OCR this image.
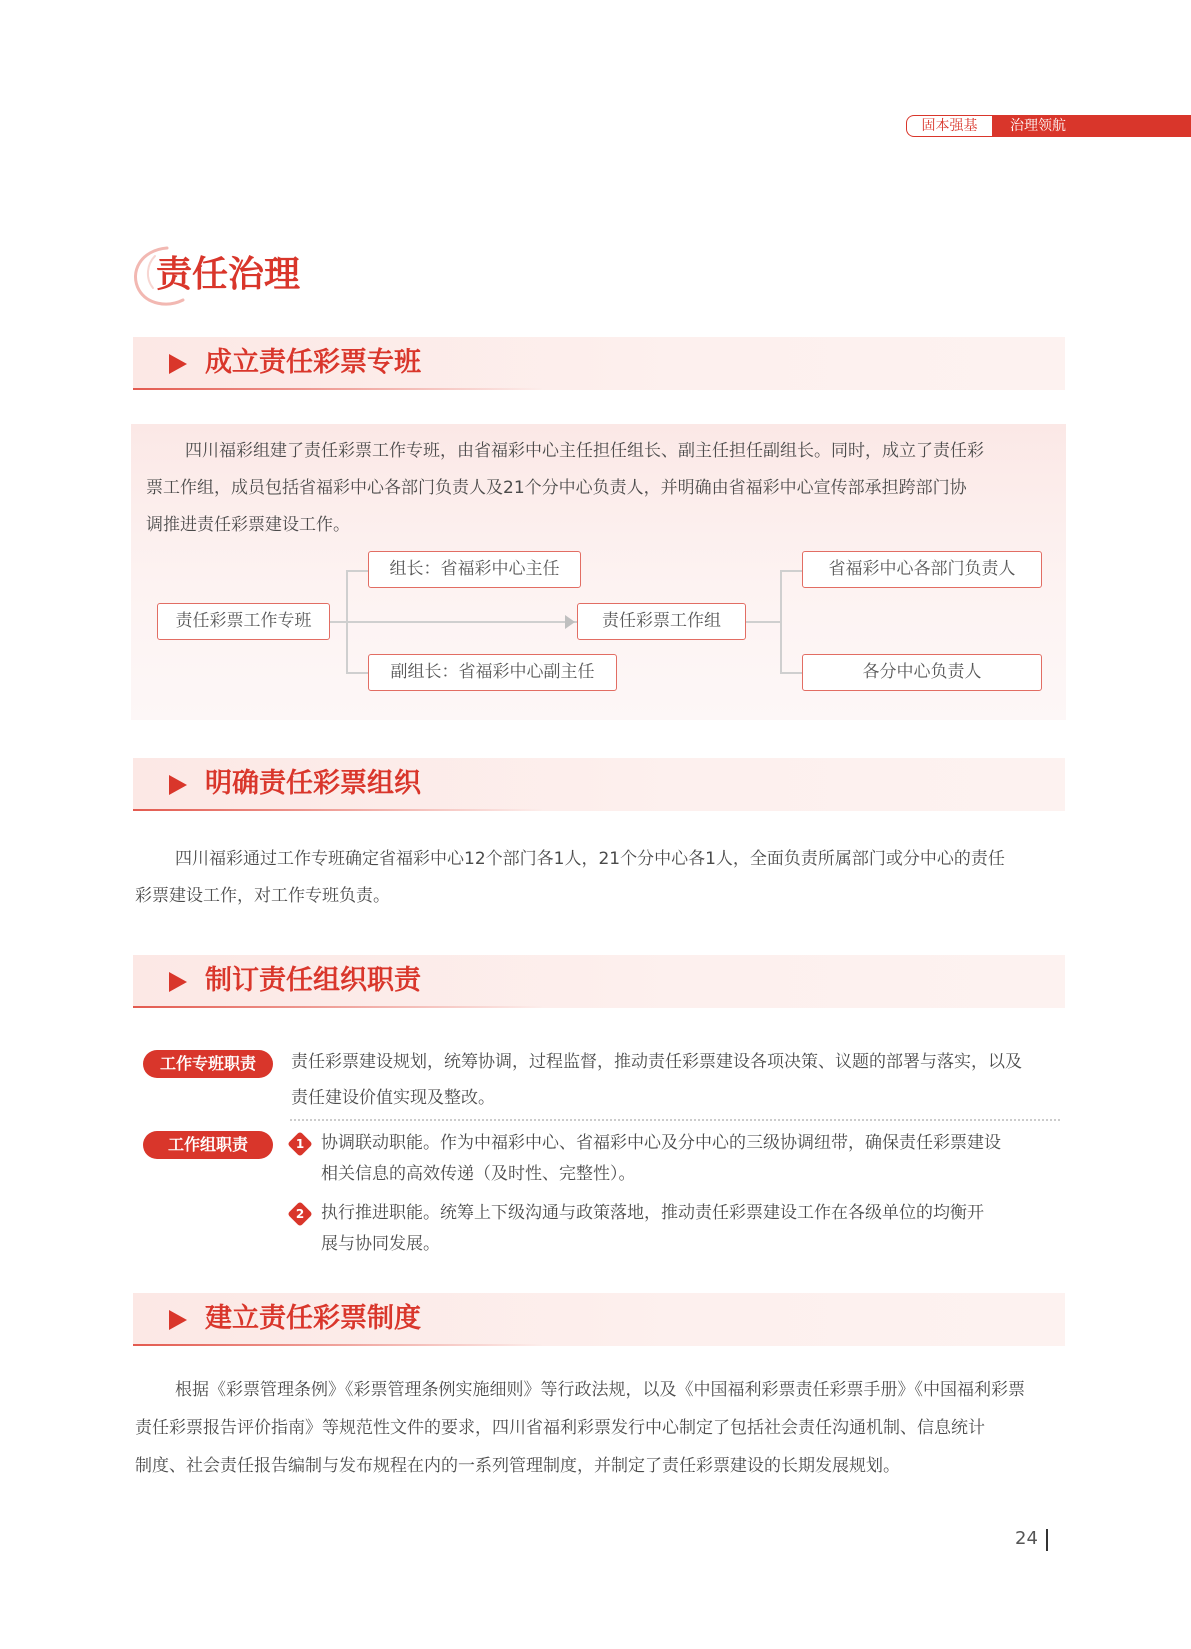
固本强基	治理领航
责任治理
成立责任彩票专班
四川福彩组建了责任彩票工作专班，由省福彩中心主任担任组长、副主任担任副组长。同时，成立了责任彩
票工作组，成员包括省福彩中心各部门负责人及21个分中心负责人，并明确由省福彩中心宣传部承担跨部门协
调推进责任彩票建设工作。
责任彩票工作专班
组长：省福彩中心主任
副组长：省福彩中心副主任
责任彩票工作组
省福彩中心各部门负责人
各分中心负责人
明确责任彩票组织
四川福彩通过工作专班确定省福彩中心12个部门各1人，21个分中心各1人，全面负责所属部门或分中心的责任
彩票建设工作，对工作专班负责。
制订责任组织职责
工作专班职责	责任彩票建设规划，统筹协调，过程监督，推动责任彩票建设各项决策、议题的部署与落实，以及
责任建设价值实现及整改。
工作组职责	1 协调联动职能。作为中福彩中心、省福彩中心及分中心的三级协调纽带，确保责任彩票建设
相关信息的高效传递（及时性、完整性）。
2 执行推进职能。统筹上下级沟通与政策落地，推动责任彩票建设工作在各级单位的均衡开
展与协同发展。
建立责任彩票制度
根据《彩票管理条例》《彩票管理条例实施细则》等行政法规，以及《中国福利彩票责任彩票手册》《中国福利彩票
责任彩票报告评价指南》等规范性文件的要求，四川省福利彩票发行中心制定了包括社会责任沟通机制、信息统计
制度、社会责任报告编制与发布规程在内的一系列管理制度，并制定了责任彩票建设的长期发展规划。
24
